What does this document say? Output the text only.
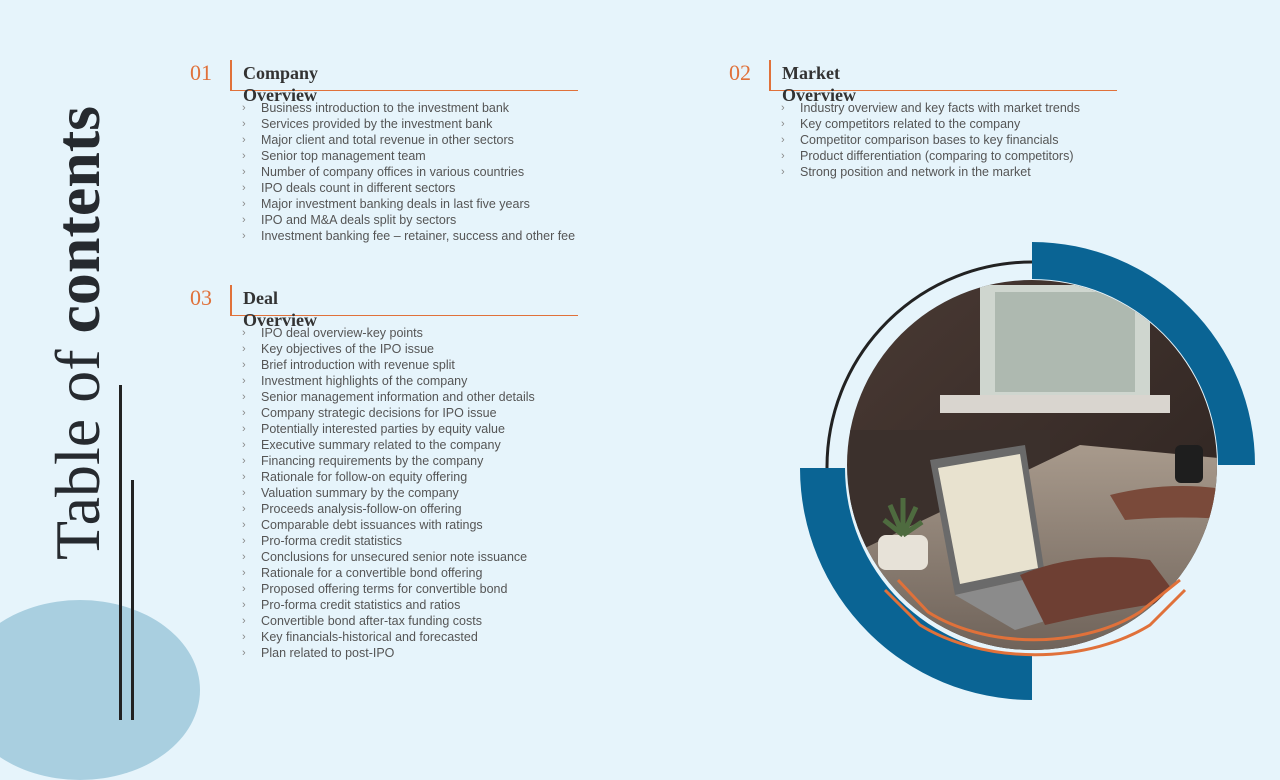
Table of contents
01 Company Overview
› Business introduction to the investment bank
› Services provided by the investment bank
› Major client and total revenue in other sectors
› Senior top management team
› Number of company offices in various countries
› IPO deals count in different sectors
› Major investment banking deals in last five years
› IPO and M&A deals split by sectors
› Investment banking fee – retainer, success and other fee
02 Market Overview
› Industry overview and key facts with market trends
› Key competitors related to the company
› Competitor comparison bases to key financials
› Product differentiation (comparing to competitors)
› Strong position and network in the market
03 Deal Overview
› IPO deal overview-key points
› Key objectives of the IPO issue
› Brief introduction with revenue split
› Investment highlights of the company
› Senior management information and other details
› Company strategic decisions for IPO issue
› Potentially interested parties by equity value
› Executive summary related to the company
› Financing requirements by the company
› Rationale for follow-on equity offering
› Valuation summary by the company
› Proceeds analysis-follow-on offering
› Comparable debt issuances with ratings
› Pro-forma credit statistics
› Conclusions for unsecured senior note issuance
› Rationale for a convertible bond offering
› Proposed offering terms for convertible bond
› Pro-forma credit statistics and ratios
› Convertible bond after-tax funding costs
› Key financials-historical and forecasted
› Plan related to post-IPO
